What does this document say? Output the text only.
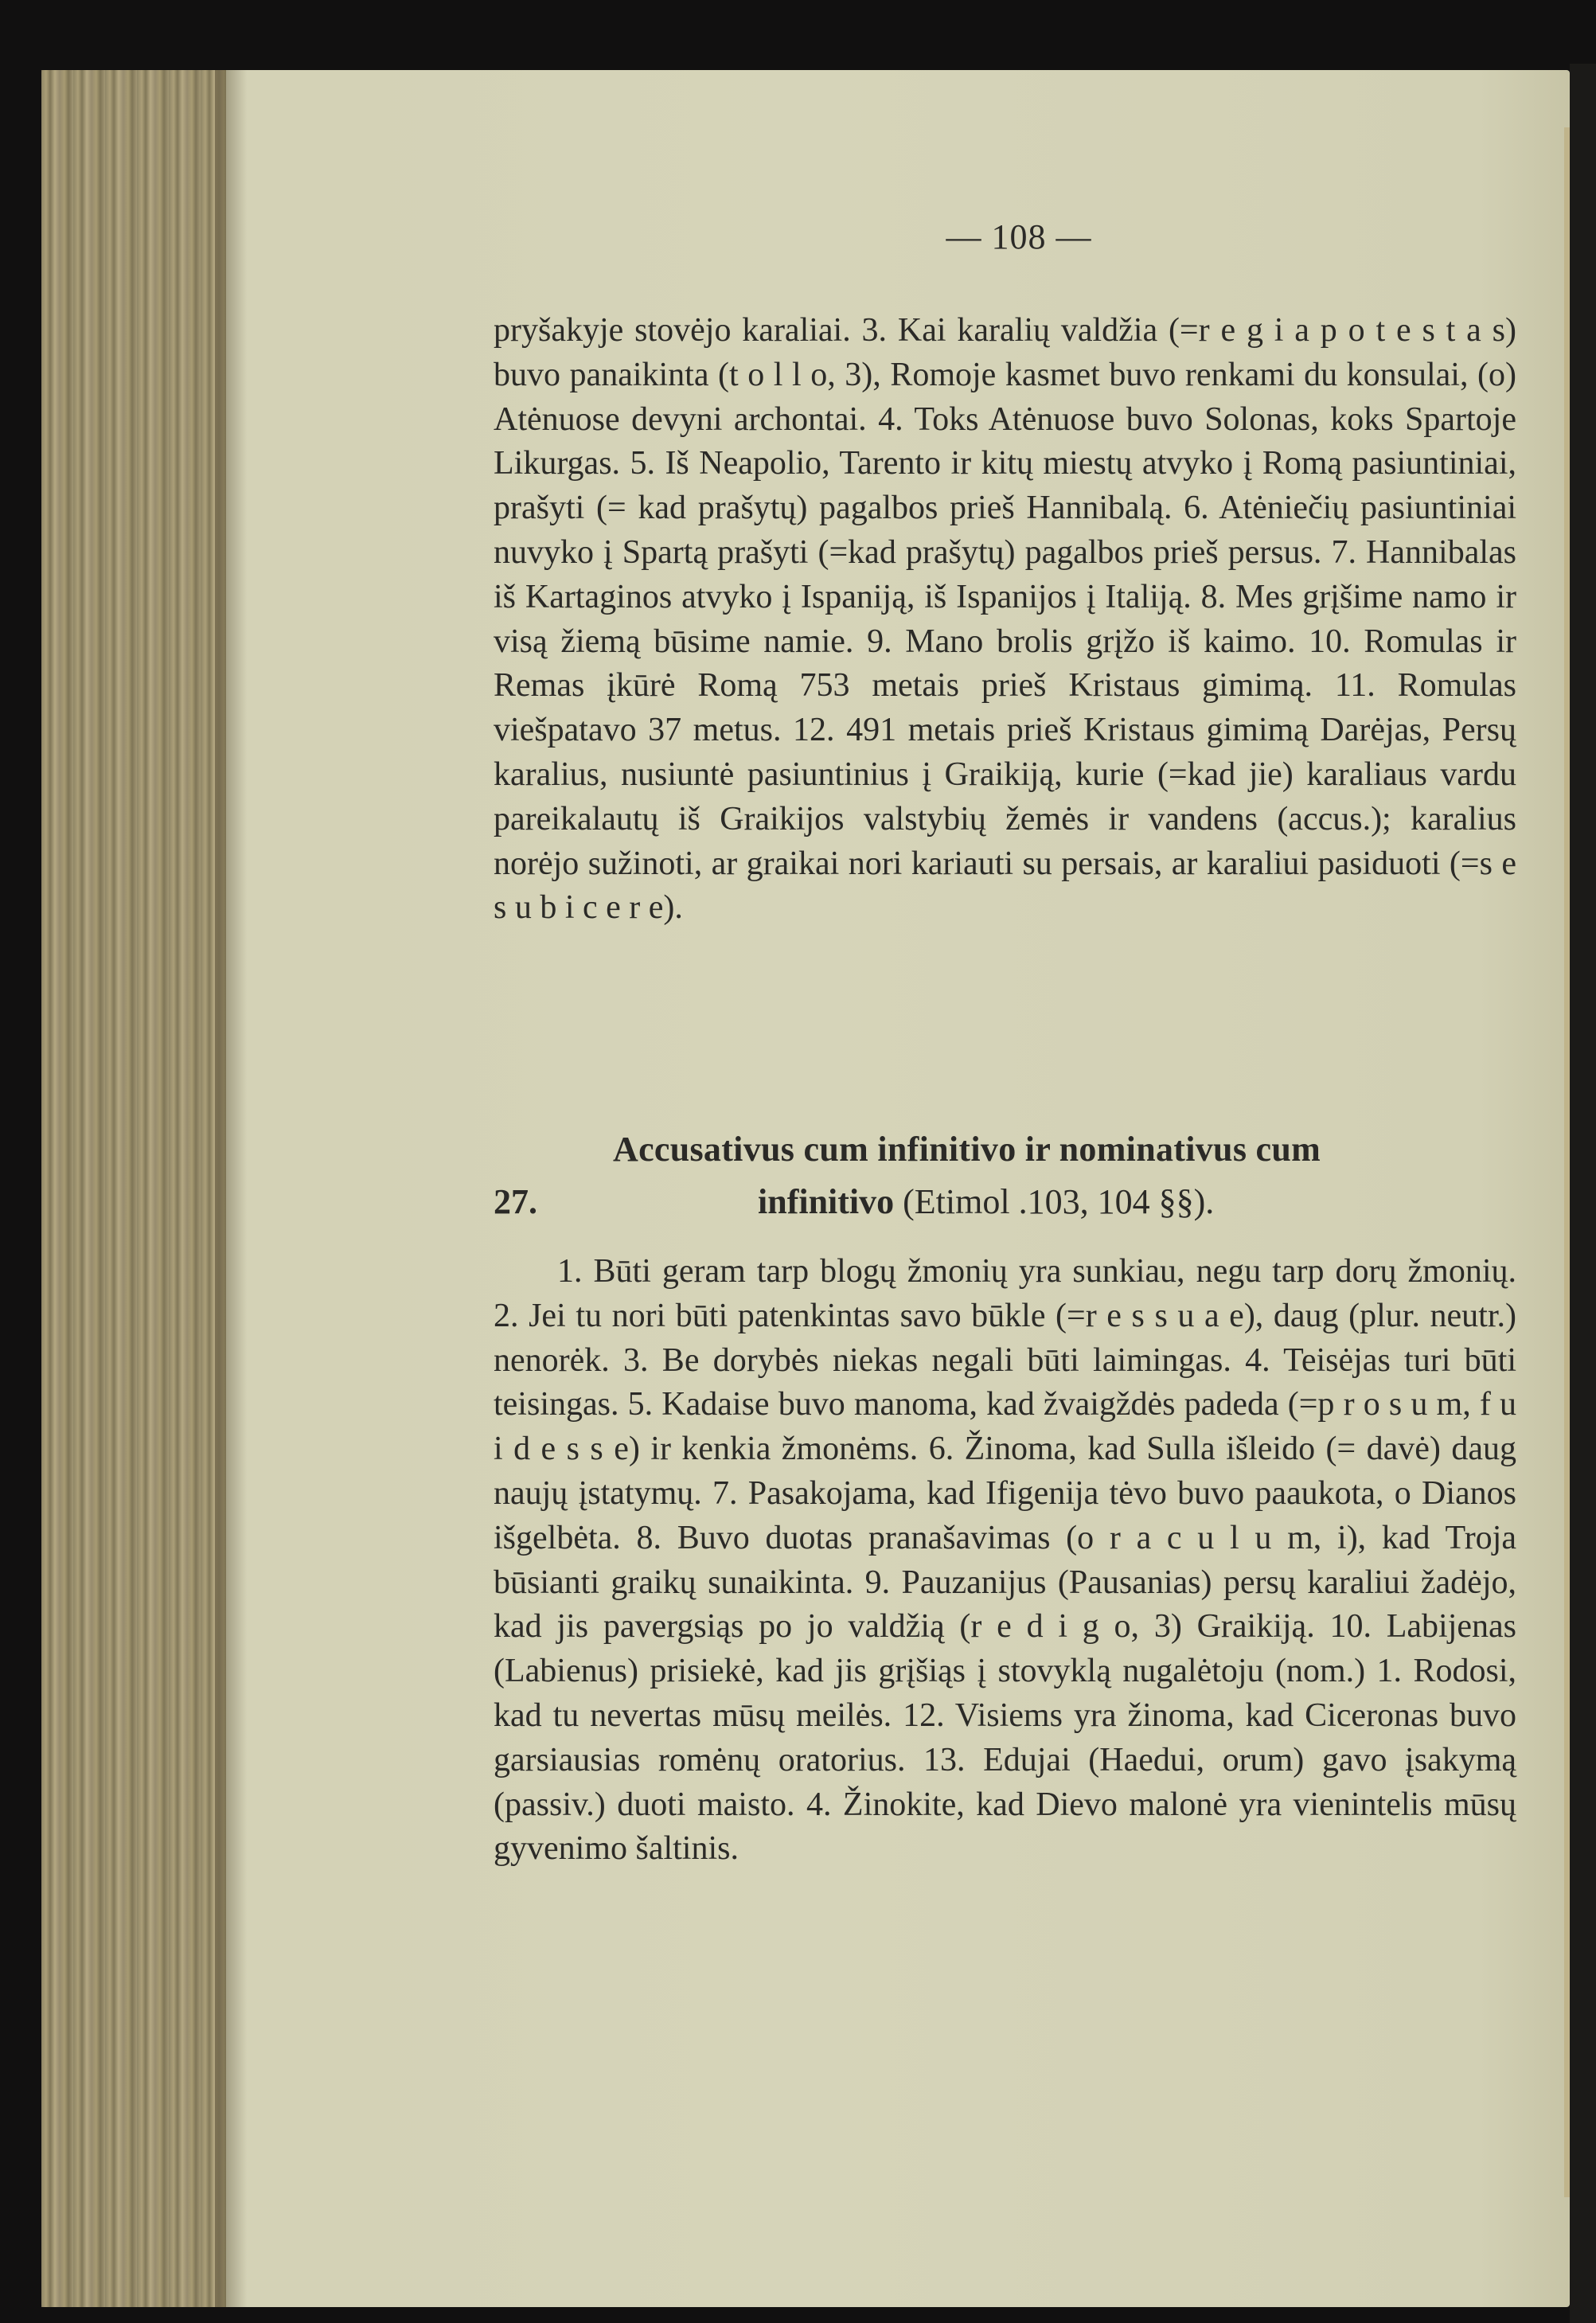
— 108 —

pryšakyje stovėjo karaliai. 3. Kai karalių valdžia (=r e g i a p o t e s t a s) buvo panaikinta (t o l l o, 3), Romoje kasmet buvo renkami du konsulai, (o) Atėnuose devyni archontai. 4. Toks Atėnuose buvo Solonas, koks Spartoje Likurgas. 5. Iš Neapolio, Tarento ir kitų miestų atvyko į Romą pasiuntiniai, prašyti (= kad prašytų) pagalbos prieš Hannibalą. 6. Atėniečių pasiuntiniai nuvyko į Spartą prašyti (=kad prašytų) pagalbos prieš persus. 7. Hannibalas iš Kartaginos atvyko į Ispaniją, iš Ispanijos į Italiją. 8. Mes grįšime namo ir visą žiemą būsime namie. 9. Mano brolis grįžo iš kaimo. 10. Romulas ir Remas įkūrė Romą 753 metais prieš Kristaus gimimą. 11. Romulas viešpatavo 37 metus. 12. 491 metais prieš Kristaus gimimą Darėjas, Persų karalius, nusiuntė pasiuntinius į Graikiją, kurie (=kad jie) karaliaus vardu pareikalautų iš Graikijos valstybių žemės ir vandens (accus.); karalius norėjo sužinoti, ar graikai nori kariauti su persais, ar karaliui pasiduoti (=s e s u b i c e r e).

Accusativus cum infinitivo ir nominativus cum
27.	infinitivo (Etimol .103, 104 §§).

1. Būti geram tarp blogų žmonių yra sunkiau, negu tarp dorų žmonių. 2. Jei tu nori būti patenkintas savo būkle (=r e s s u a e), daug (plur. neutr.) nenorėk. 3. Be dorybės niekas negali būti laimingas. 4. Teisėjas turi būti teisingas. 5. Kadaise buvo manoma, kad žvaigždės padeda (=p r o s u m, f u i d e s s e) ir kenkia žmonėms. 6. Žinoma, kad Sulla išleido (= davė) daug naujų įstatymų. 7. Pasakojama, kad Ifigenija tėvo buvo paaukota, o Dianos išgelbėta. 8. Buvo duotas pranašavimas (o r a c u l u m, i), kad Troja būsianti graikų sunaikinta. 9. Pauzanijus (Pausanias) persų karaliui žadėjo, kad jis pavergsiąs po jo valdžią (r e d i g o, 3) Graikiją. 10. Labijenas (Labienus) prisiekė, kad jis grįšiąs į stovyklą nugalėtoju (nom.) 1. Rodosi, kad tu nevertas mūsų meilės. 12. Visiems yra žinoma, kad Ciceronas buvo garsiausias romėnų oratorius. 13. Edujai (Haedui, orum) gavo įsakymą (passiv.) duoti maisto. 4. Žinokite, kad Dievo malonė yra vienintelis mūsų gyvenimo šaltinis.
